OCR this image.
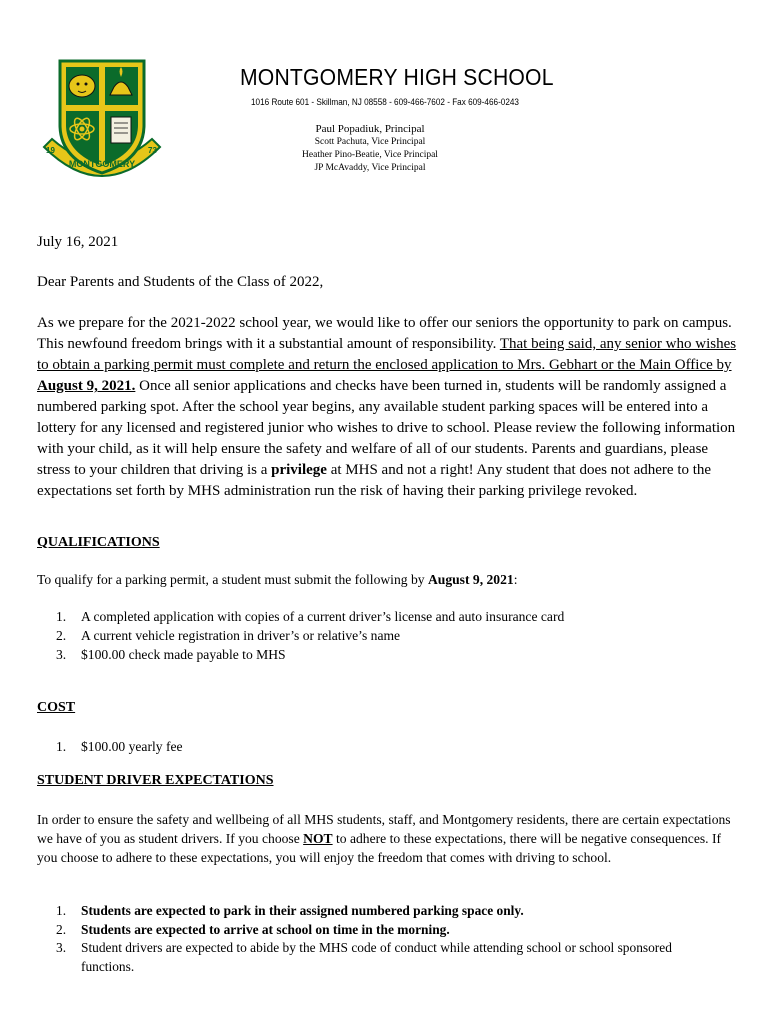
MONTGOMERY
19	73
MONTGOMERY HIGH SCHOOL
1016 Route 601 - Skillman, NJ 08558 - 609-466-7602 - Fax 609-466-0243
Paul Popadiuk, Principal
Scott Pachuta, Vice Principal
Heather Pino-Beatie, Vice Principal
JP McAvaddy, Vice Principal
July 16, 2021
Dear Parents and Students of the Class of 2022,
As we prepare for the 2021-2022 school year, we would like to offer our seniors the opportunity to park on campus. This newfound freedom brings with it a substantial amount of responsibility. That being said, any senior who wishes to obtain a parking permit must complete and return the enclosed application to Mrs. Gebhart or the Main Office by August 9, 2021. Once all senior applications and checks have been turned in, students will be randomly assigned a numbered parking spot. After the school year begins, any available student parking spaces will be entered into a lottery for any licensed and registered junior who wishes to drive to school. Please review the following information with your child, as it will help ensure the safety and welfare of all of our students. Parents and guardians, please stress to your children that driving is a privilege at MHS and not a right! Any student that does not adhere to the expectations set forth by MHS administration run the risk of having their parking privilege revoked.
QUALIFICATIONS
To qualify for a parking permit, a student must submit the following by August 9, 2021:
1. A completed application with copies of a current driver’s license and auto insurance card
2. A current vehicle registration in driver’s or relative’s name
3. $100.00 check made payable to MHS
COST
1. $100.00 yearly fee
STUDENT DRIVER EXPECTATIONS
In order to ensure the safety and wellbeing of all MHS students, staff, and Montgomery residents, there are certain expectations we have of you as student drivers. If you choose NOT to adhere to these expectations, there will be negative consequences. If you choose to adhere to these expectations, you will enjoy the freedom that comes with driving to school.
1. Students are expected to park in their assigned numbered parking space only.
2. Students are expected to arrive at school on time in the morning.
3. Student drivers are expected to abide by the MHS code of conduct while attending school or school sponsored functions.
